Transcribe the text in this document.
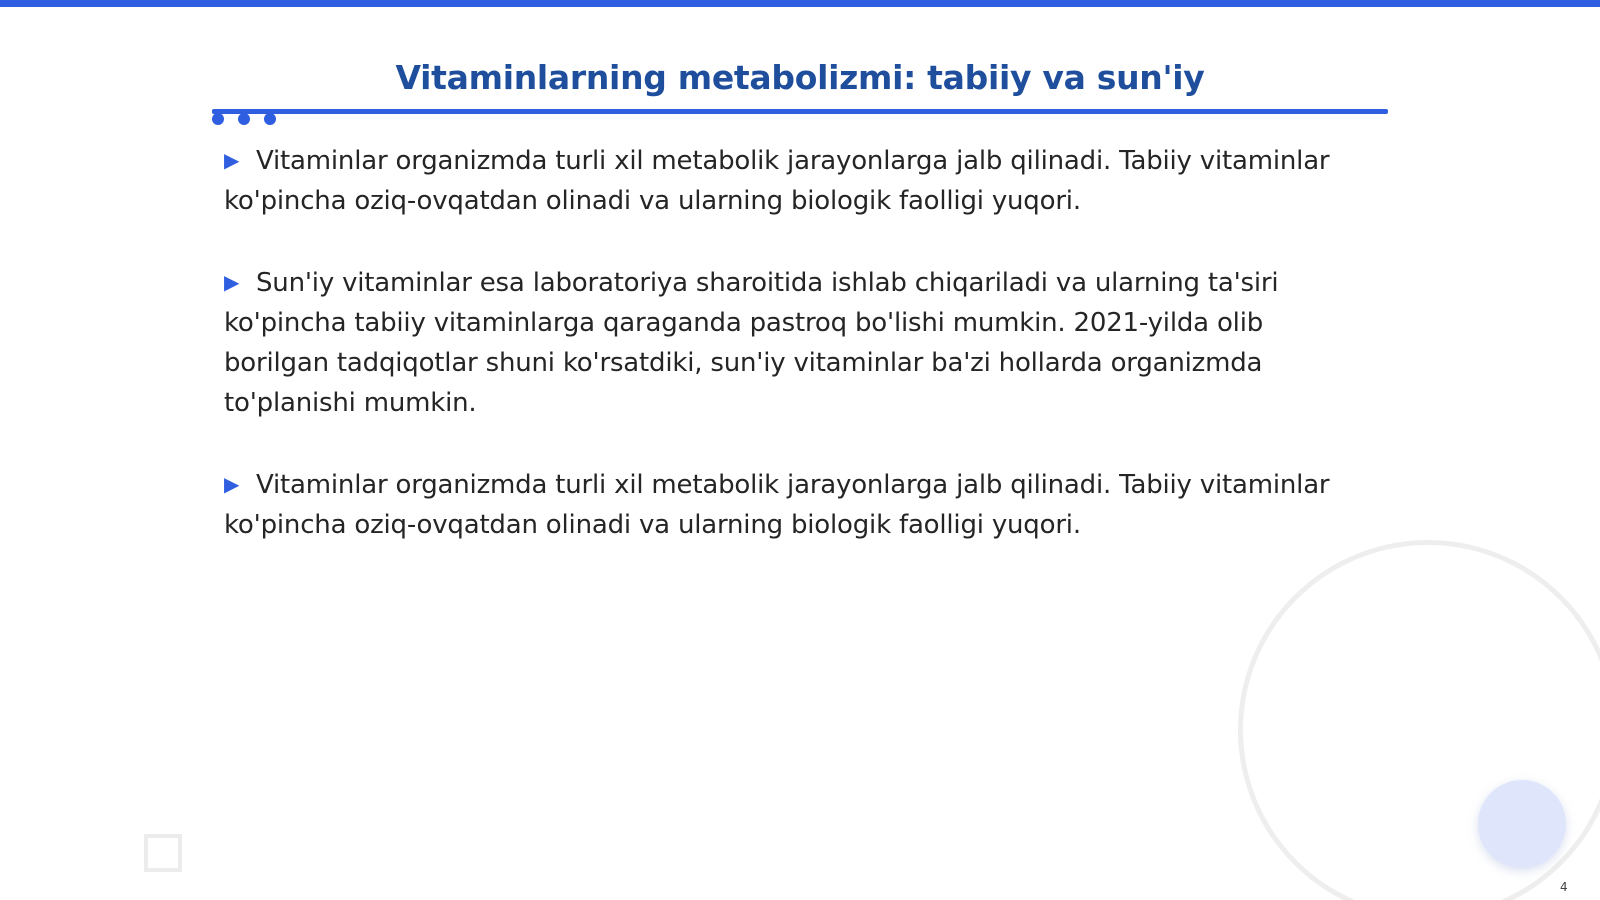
Vitaminlarning metabolizmi: tabiiy va sun'iy

▶ Vitaminlar organizmda turli xil metabolik jarayonlarga jalb qilinadi. Tabiiy vitaminlar ko'pincha oziq-ovqatdan olinadi va ularning biologik faolligi yuqori.

▶ Sun'iy vitaminlar esa laboratoriya sharoitida ishlab chiqariladi va ularning ta'siri ko'pincha tabiiy vitaminlarga qaraganda pastroq bo'lishi mumkin. 2021-yilda olib borilgan tadqiqotlar shuni ko'rsatdiki, sun'iy vitaminlar ba'zi hollarda organizmda to'planishi mumkin.

▶ Vitaminlar organizmda turli xil metabolik jarayonlarga jalb qilinadi. Tabiiy vitaminlar ko'pincha oziq-ovqatdan olinadi va ularning biologik faolligi yuqori.

4
